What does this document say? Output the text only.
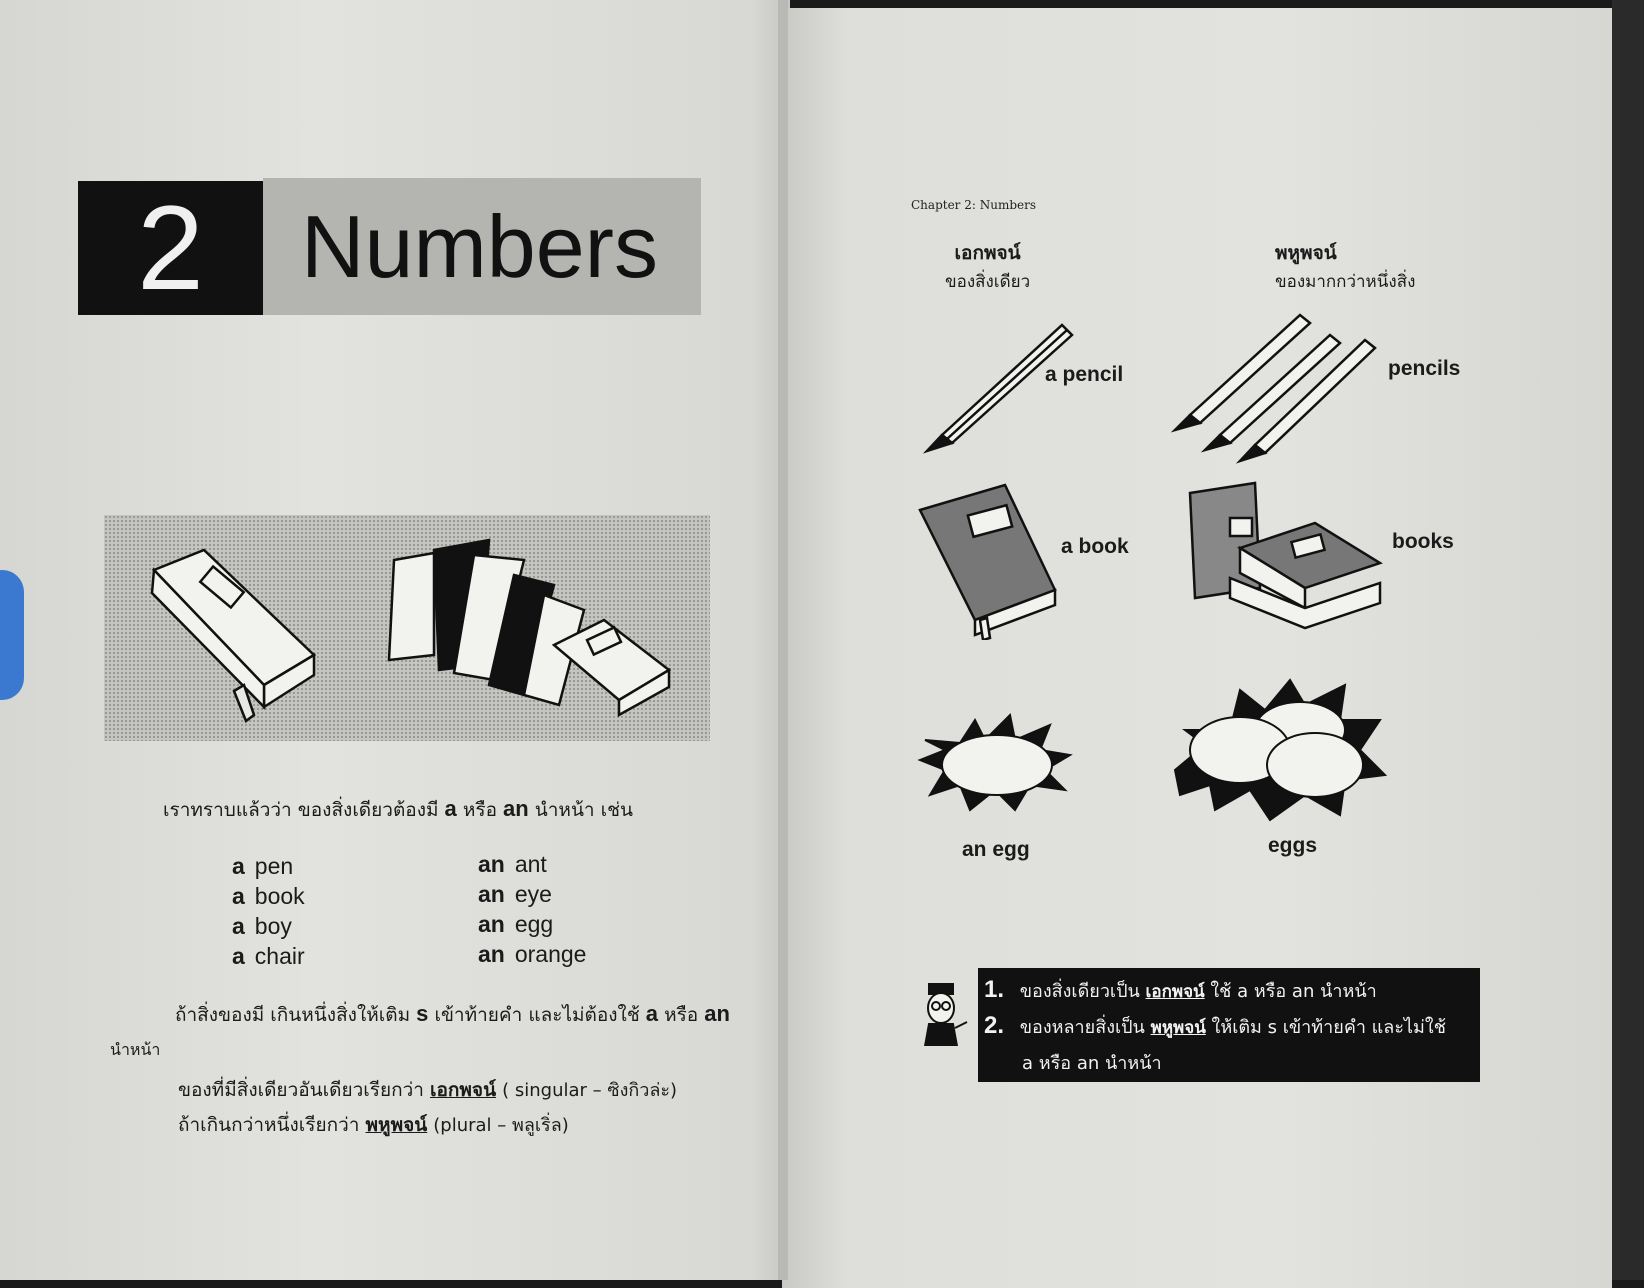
2	Numbers
เราทราบแล้วว่า ของสิ่งเดียวต้องมี a หรือ an นำหน้า เช่น
a pen
a book
a boy
a chair
an ant
an eye
an egg
an orange
ถ้าสิ่งของมี เกินหนึ่งสิ่งให้เติม s เข้าท้ายคำ และไม่ต้องใช้ a หรือ an
นำหน้า
ของที่มีสิ่งเดียวอันเดียวเรียกว่า เอกพจน์ ( singular – ซิงกิวล่ะ)
ถ้าเกินกว่าหนึ่งเรียกว่า พหูพจน์ (plural – พลูเริ่ล)
Chapter 2: Numbers
เอกพจน์
ของสิ่งเดียว
พหูพจน์
ของมากกว่าหนึ่งสิ่ง
a pencil	pencils
a book	books
an egg	eggs
1. ของสิ่งเดียวเป็น เอกพจน์ ใช้ a หรือ an นำหน้า
2. ของหลายสิ่งเป็น พหูพจน์ ให้เติม s เข้าท้ายคำ และไม่ใช้
a หรือ an นำหน้า
